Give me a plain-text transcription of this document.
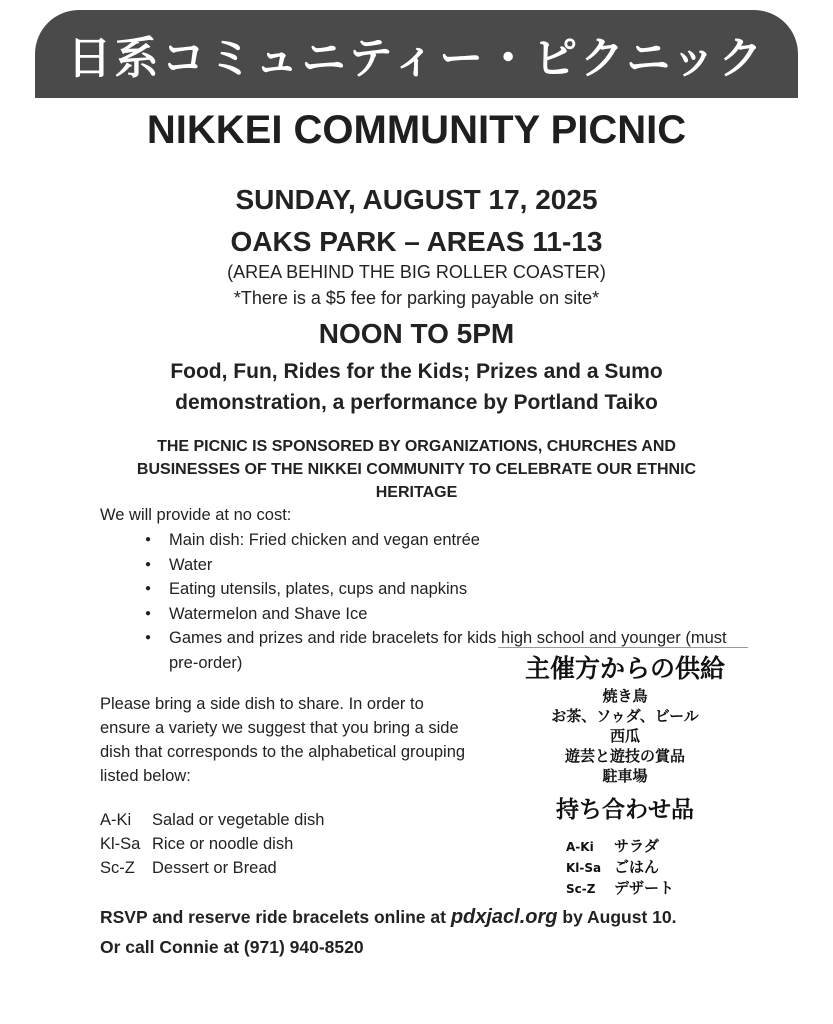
日系コミュニティー・ピクニック
NIKKEI COMMUNITY PICNIC
SUNDAY, AUGUST 17, 2025
OAKS PARK – AREAS 11-13
(AREA BEHIND THE BIG ROLLER COASTER)
*There is a $5 fee for parking payable on site*
NOON TO 5PM
Food, Fun, Rides for the Kids; Prizes and a Sumo demonstration, a performance by Portland Taiko
THE PICNIC IS SPONSORED BY ORGANIZATIONS, CHURCHES AND BUSINESSES OF THE NIKKEI COMMUNITY TO CELEBRATE OUR ETHNIC HERITAGE
We will provide at no cost:
● Main dish: Fried chicken and vegan entrée
● Water
● Eating utensils, plates, cups and napkins
● Watermelon and Shave Ice
● Games and prizes and ride bracelets for kids high school and younger (must pre-order)
Please bring a side dish to share. In order to ensure a variety we suggest that you bring a side dish that corresponds to the alphabetical grouping listed below:
A-Ki Salad or vegetable dish
Kl-Sa Rice or noodle dish
Sc-Z Dessert or Bread
主催方からの供給
焼き鳥
お茶、ソゥダ、ビール
西瓜
遊芸と遊技の賞品
駐車場
持ち合わせ品
A-Ki サラダ
Kl-Sa ごはん
Sc-Z デザート
RSVP and reserve ride bracelets online at pdxjacl.org by August 10. Or call Connie at (971) 940-8520
